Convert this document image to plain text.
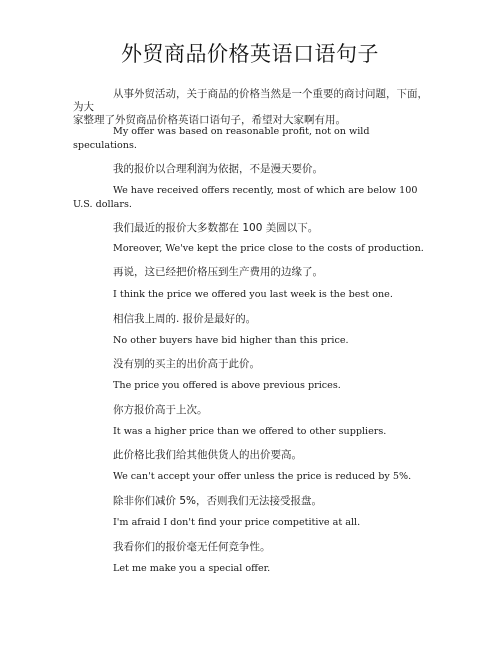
外贸商品价格英语口语句子
从事外贸活动，关于商品的价格当然是一个重要的商讨问题，下面，为大
家整理了外贸商品价格英语口语句子，希望对大家啊有用。
My offer was based on reasonable profit, not on wild
speculations.
我的报价以合理利润为依据，不是漫天要价。
We have received offers recently, most of which are below 100
U.S. dollars.
我们最近的报价大多数都在 100 美圆以下。
Moreover, We've kept the price close to the costs of production.
再说，这已经把价格压到生产费用的边缘了。
I think the price we offered you last week is the best one.
相信我上周的. 报价是最好的。
No other buyers have bid higher than this price.
没有别的买主的出价高于此价。
The price you offered is above previous prices.
你方报价高于上次。
It was a higher price than we offered to other suppliers.
此价格比我们给其他供货人的出价要高。
We can't accept your offer unless the price is reduced by 5%.
除非你们减价 5%，否则我们无法接受报盘。
I'm afraid I don't find your price competitive at all.
我看你们的报价毫无任何竞争性。
Let me make you a special offer.
